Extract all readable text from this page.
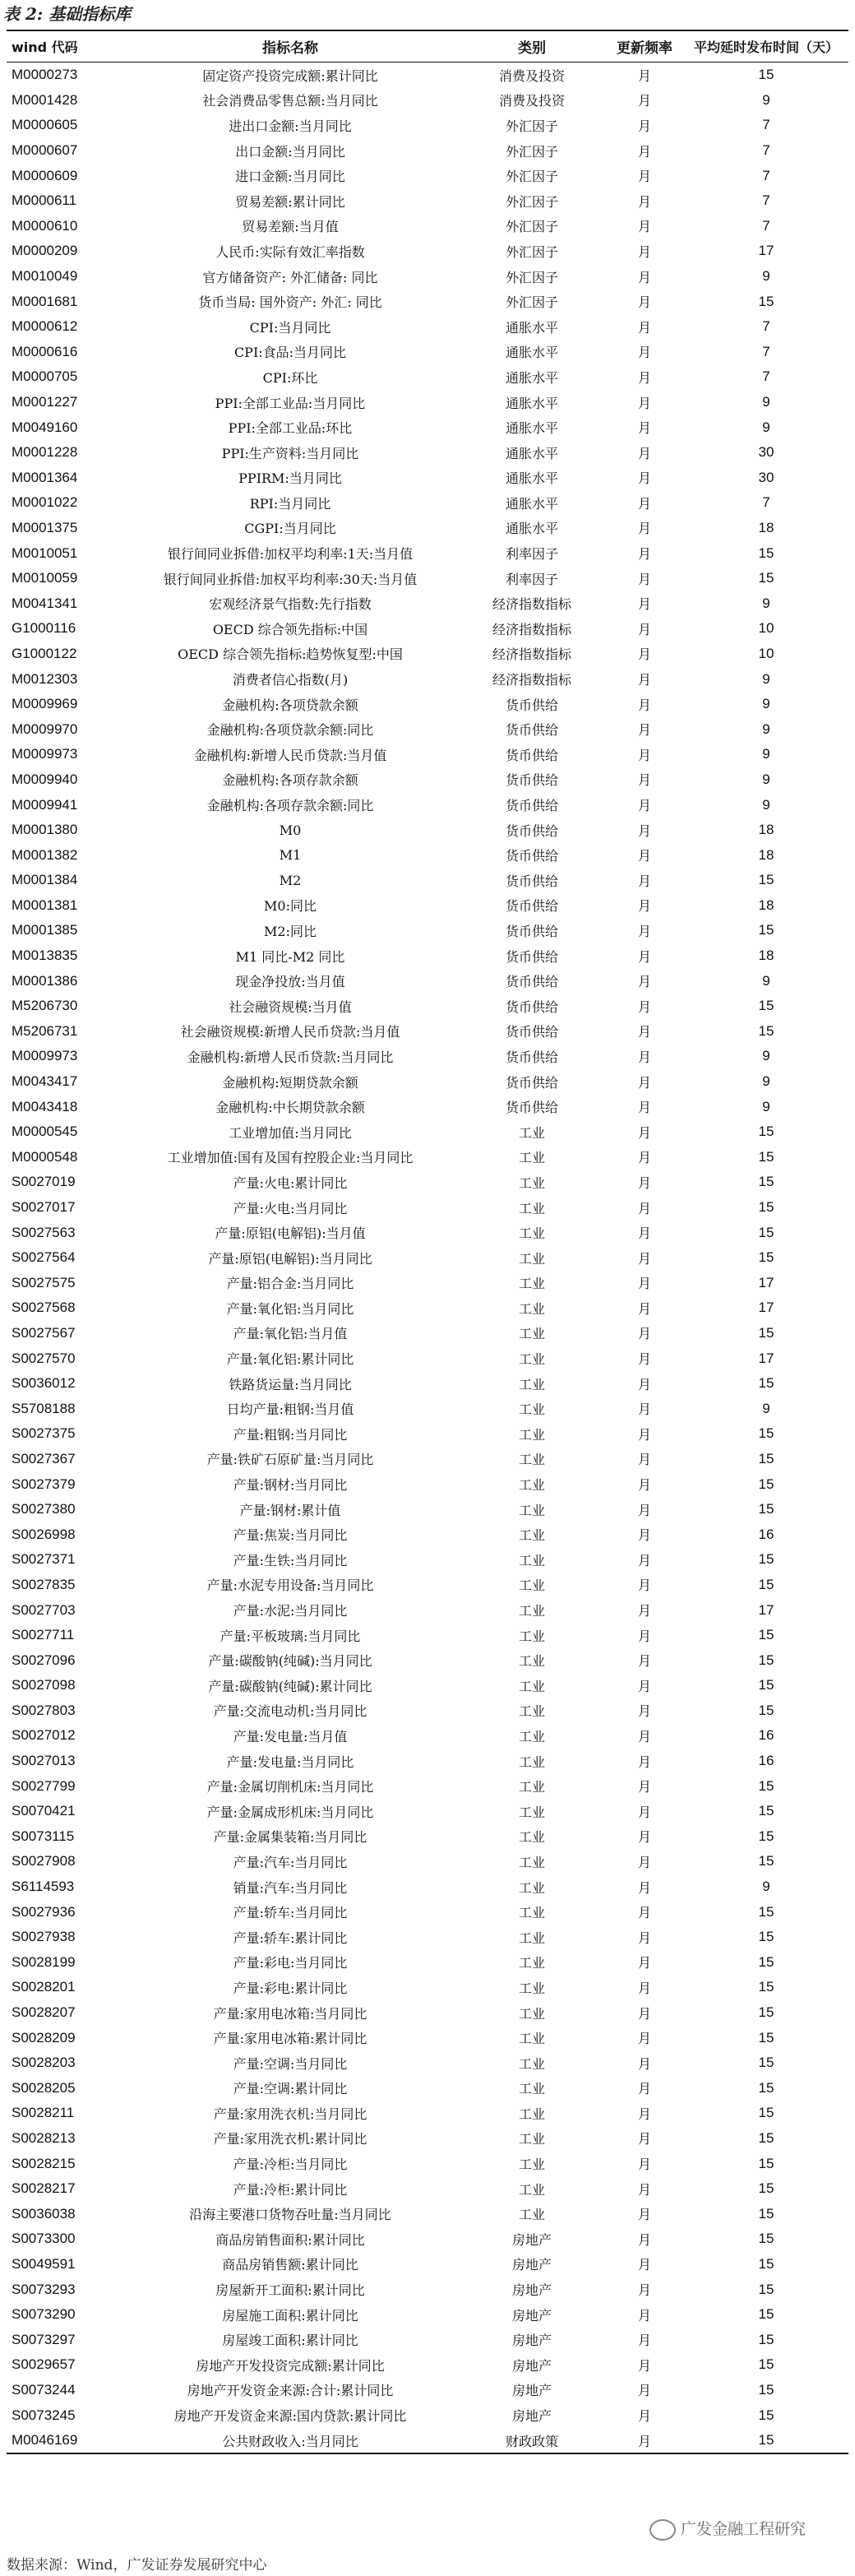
表 2: 基础指标库
wind 代码	指标名称	类别	更新频率	平均延时发布时间（天）
M0000273	固定资产投资完成额:累计同比	消费及投资	月	15
M0001428	社会消费品零售总额:当月同比	消费及投资	月	9
M0000605	进出口金额:当月同比	外汇因子	月	7
M0000607	出口金额:当月同比	外汇因子	月	7
M0000609	进口金额:当月同比	外汇因子	月	7
M0000611	贸易差额:累计同比	外汇因子	月	7
M0000610	贸易差额:当月值	外汇因子	月	7
M0000209	人民币:实际有效汇率指数	外汇因子	月	17
M0010049	官方储备资产: 外汇储备: 同比	外汇因子	月	9
M0001681	货币当局: 国外资产: 外汇: 同比	外汇因子	月	15
M0000612	CPI:当月同比	通胀水平	月	7
M0000616	CPI:食品:当月同比	通胀水平	月	7
M0000705	CPI:环比	通胀水平	月	7
M0001227	PPI:全部工业品:当月同比	通胀水平	月	9
M0049160	PPI:全部工业品:环比	通胀水平	月	9
M0001228	PPI:生产资料:当月同比	通胀水平	月	30
M0001364	PPIRM:当月同比	通胀水平	月	30
M0001022	RPI:当月同比	通胀水平	月	7
M0001375	CGPI:当月同比	通胀水平	月	18
M0010051	银行间同业拆借:加权平均利率:1天:当月值	利率因子	月	15
M0010059	银行间同业拆借:加权平均利率:30天:当月值	利率因子	月	15
M0041341	宏观经济景气指数:先行指数	经济指数指标	月	9
G1000116	OECD 综合领先指标:中国	经济指数指标	月	10
G1000122	OECD 综合领先指标:趋势恢复型:中国	经济指数指标	月	10
M0012303	消费者信心指数(月)	经济指数指标	月	9
M0009969	金融机构:各项贷款余额	货币供给	月	9
M0009970	金融机构:各项贷款余额:同比	货币供给	月	9
M0009973	金融机构:新增人民币贷款:当月值	货币供给	月	9
M0009940	金融机构:各项存款余额	货币供给	月	9
M0009941	金融机构:各项存款余额:同比	货币供给	月	9
M0001380	M0	货币供给	月	18
M0001382	M1	货币供给	月	18
M0001384	M2	货币供给	月	15
M0001381	M0:同比	货币供给	月	18
M0001385	M2:同比	货币供给	月	15
M0013835	M1 同比-M2 同比	货币供给	月	18
M0001386	现金净投放:当月值	货币供给	月	9
M5206730	社会融资规模:当月值	货币供给	月	15
M5206731	社会融资规模:新增人民币贷款:当月值	货币供给	月	15
M0009973	金融机构:新增人民币贷款:当月同比	货币供给	月	9
M0043417	金融机构:短期贷款余额	货币供给	月	9
M0043418	金融机构:中长期贷款余额	货币供给	月	9
M0000545	工业增加值:当月同比	工业	月	15
M0000548	工业增加值:国有及国有控股企业:当月同比	工业	月	15
S0027019	产量:火电:累计同比	工业	月	15
S0027017	产量:火电:当月同比	工业	月	15
S0027563	产量:原铝(电解铝):当月值	工业	月	15
S0027564	产量:原铝(电解铝):当月同比	工业	月	15
S0027575	产量:铝合金:当月同比	工业	月	17
S0027568	产量:氧化铝:当月同比	工业	月	17
S0027567	产量:氧化铝:当月值	工业	月	15
S0027570	产量:氧化铝:累计同比	工业	月	17
S0036012	铁路货运量:当月同比	工业	月	15
S5708188	日均产量:粗钢:当月值	工业	月	9
S0027375	产量:粗钢:当月同比	工业	月	15
S0027367	产量:铁矿石原矿量:当月同比	工业	月	15
S0027379	产量:钢材:当月同比	工业	月	15
S0027380	产量:钢材:累计值	工业	月	15
S0026998	产量:焦炭:当月同比	工业	月	16
S0027371	产量:生铁:当月同比	工业	月	15
S0027835	产量:水泥专用设备:当月同比	工业	月	15
S0027703	产量:水泥:当月同比	工业	月	17
S0027711	产量:平板玻璃:当月同比	工业	月	15
S0027096	产量:碳酸钠(纯碱):当月同比	工业	月	15
S0027098	产量:碳酸钠(纯碱):累计同比	工业	月	15
S0027803	产量:交流电动机:当月同比	工业	月	15
S0027012	产量:发电量:当月值	工业	月	16
S0027013	产量:发电量:当月同比	工业	月	16
S0027799	产量:金属切削机床:当月同比	工业	月	15
S0070421	产量:金属成形机床:当月同比	工业	月	15
S0073115	产量:金属集装箱:当月同比	工业	月	15
S0027908	产量:汽车:当月同比	工业	月	15
S6114593	销量:汽车:当月同比	工业	月	9
S0027936	产量:轿车:当月同比	工业	月	15
S0027938	产量:轿车:累计同比	工业	月	15
S0028199	产量:彩电:当月同比	工业	月	15
S0028201	产量:彩电:累计同比	工业	月	15
S0028207	产量:家用电冰箱:当月同比	工业	月	15
S0028209	产量:家用电冰箱:累计同比	工业	月	15
S0028203	产量:空调:当月同比	工业	月	15
S0028205	产量:空调:累计同比	工业	月	15
S0028211	产量:家用洗衣机:当月同比	工业	月	15
S0028213	产量:家用洗衣机:累计同比	工业	月	15
S0028215	产量:冷柜:当月同比	工业	月	15
S0028217	产量:冷柜:累计同比	工业	月	15
S0036038	沿海主要港口货物吞吐量:当月同比	工业	月	15
S0073300	商品房销售面积:累计同比	房地产	月	15
S0049591	商品房销售额:累计同比	房地产	月	15
S0073293	房屋新开工面积:累计同比	房地产	月	15
S0073290	房屋施工面积:累计同比	房地产	月	15
S0073297	房屋竣工面积:累计同比	房地产	月	15
S0029657	房地产开发投资完成额:累计同比	房地产	月	15
S0073244	房地产开发资金来源:合计:累计同比	房地产	月	15
S0073245	房地产开发资金来源:国内贷款:累计同比	房地产	月	15
M0046169	公共财政收入:当月同比	财政政策	月	15
广发金融工程研究
数据来源：Wind，广发证券发展研究中心
